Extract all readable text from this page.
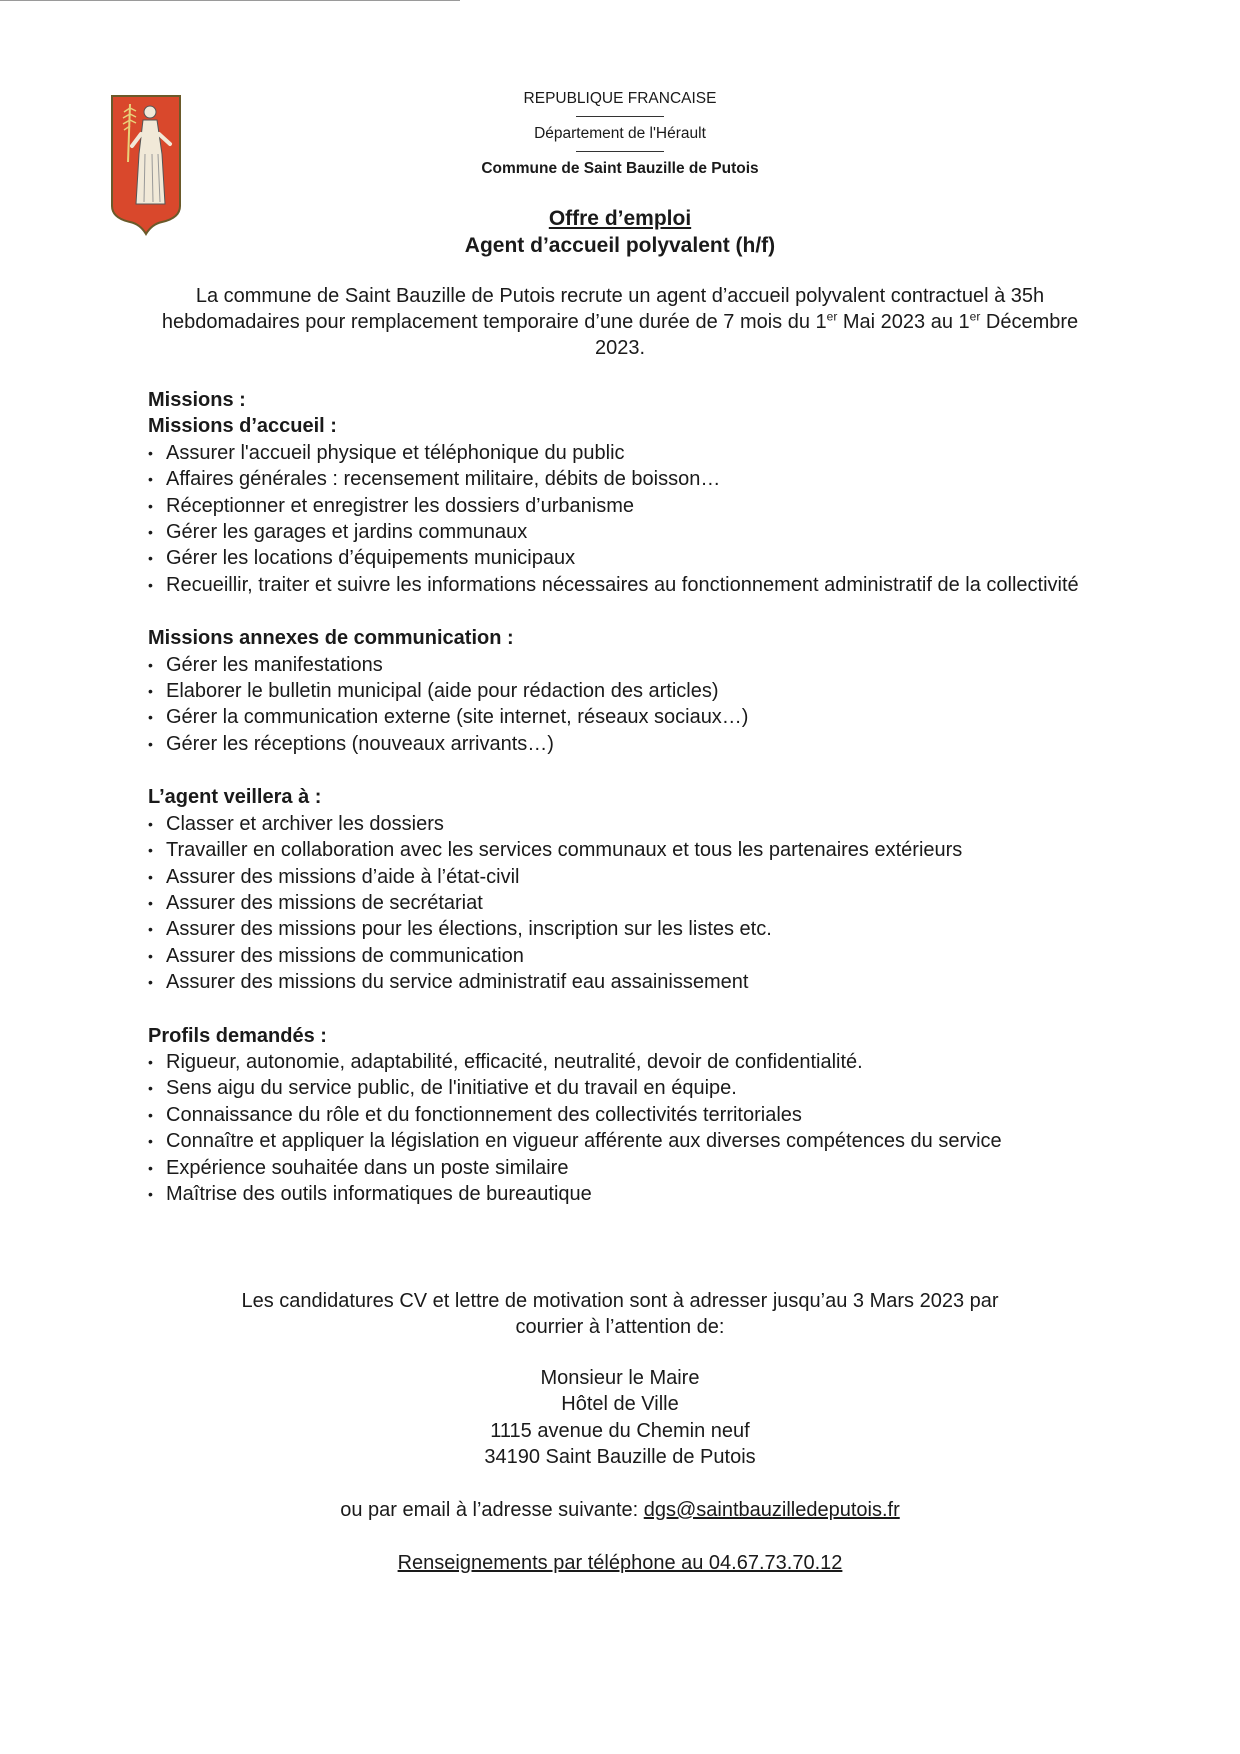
REPUBLIQUE FRANCAISE
Département de l'Hérault
Commune de Saint Bauzille de Putois
Offre d’emploi
Agent d’accueil polyvalent (h/f)
La commune de Saint Bauzille de Putois recrute un agent d’accueil polyvalent contractuel à 35h hebdomadaires pour remplacement temporaire d’une durée de 7 mois du 1er Mai 2023 au 1er Décembre 2023.
Missions :
Missions d’accueil :
• Assurer l'accueil physique et téléphonique du public
• Affaires générales : recensement militaire, débits de boisson…
• Réceptionner et enregistrer les dossiers d’urbanisme
• Gérer les garages et jardins communaux
• Gérer les locations d’équipements municipaux
• Recueillir, traiter et suivre les informations nécessaires au fonctionnement administratif de la collectivité
Missions annexes de communication :
• Gérer les manifestations
• Elaborer le bulletin municipal (aide pour rédaction des articles)
• Gérer la communication externe (site internet, réseaux sociaux…)
• Gérer les réceptions (nouveaux arrivants…)
L’agent veillera à :
• Classer et archiver les dossiers
• Travailler en collaboration avec les services communaux et tous les partenaires extérieurs
• Assurer des missions d’aide à l’état-civil
• Assurer des missions de secrétariat
• Assurer des missions pour les élections, inscription sur les listes etc.
• Assurer des missions de communication
• Assurer des missions du service administratif eau assainissement
Profils demandés :
• Rigueur, autonomie, adaptabilité, efficacité, neutralité, devoir de confidentialité.
• Sens aigu du service public, de l'initiative et du travail en équipe.
• Connaissance du rôle et du fonctionnement des collectivités territoriales
• Connaître et appliquer la législation en vigueur afférente aux diverses compétences du service
• Expérience souhaitée dans un poste similaire
• Maîtrise des outils informatiques de bureautique
Les candidatures CV et lettre de motivation sont à adresser jusqu’au 3 Mars 2023 par
courrier à l’attention de:
Monsieur le Maire
Hôtel de Ville
1115 avenue du Chemin neuf
34190 Saint Bauzille de Putois
ou par email à l’adresse suivante: dgs@saintbauzilledeputois.fr
Renseignements par téléphone au 04.67.73.70.12
